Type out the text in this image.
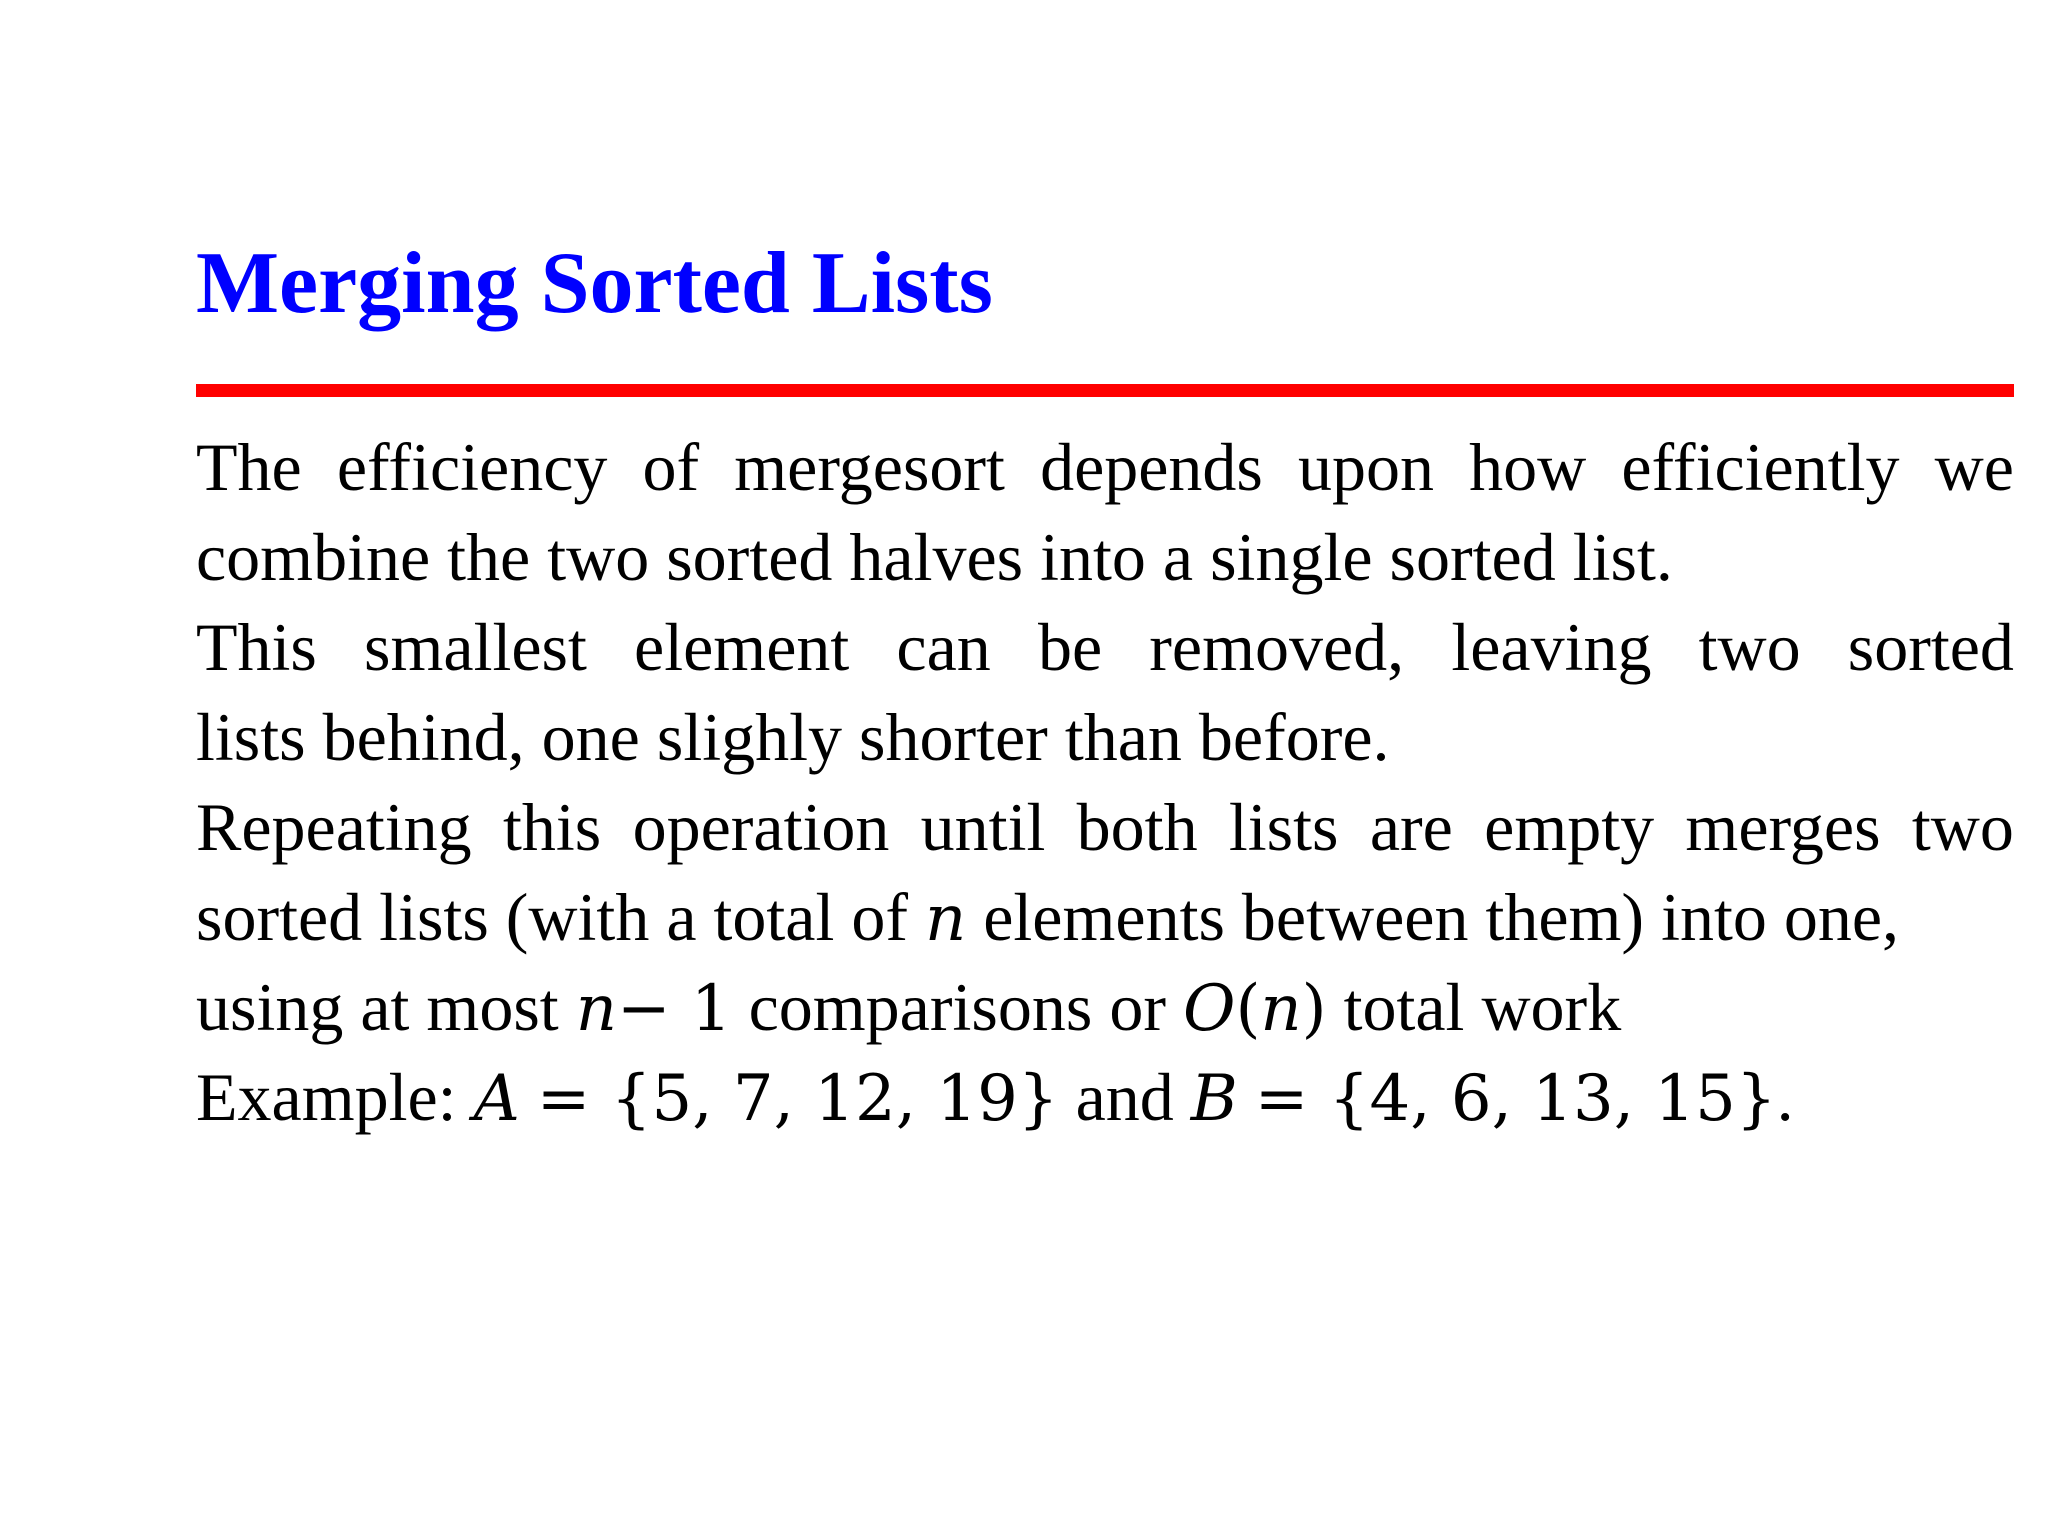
Merging Sorted Lists
The efficiency of mergesort depends upon how efficiently we
combine the two sorted halves into a single sorted list.
This smallest element can be removed, leaving two sorted
lists behind, one slighly shorter than before.
Repeating this operation until both lists are empty merges two
sorted lists (with a total of n elements between them) into one,
using at most n− 1 comparisons or O(n) total work
Example: A = {5, 7, 12, 19} and B = {4, 6, 13, 15}.
